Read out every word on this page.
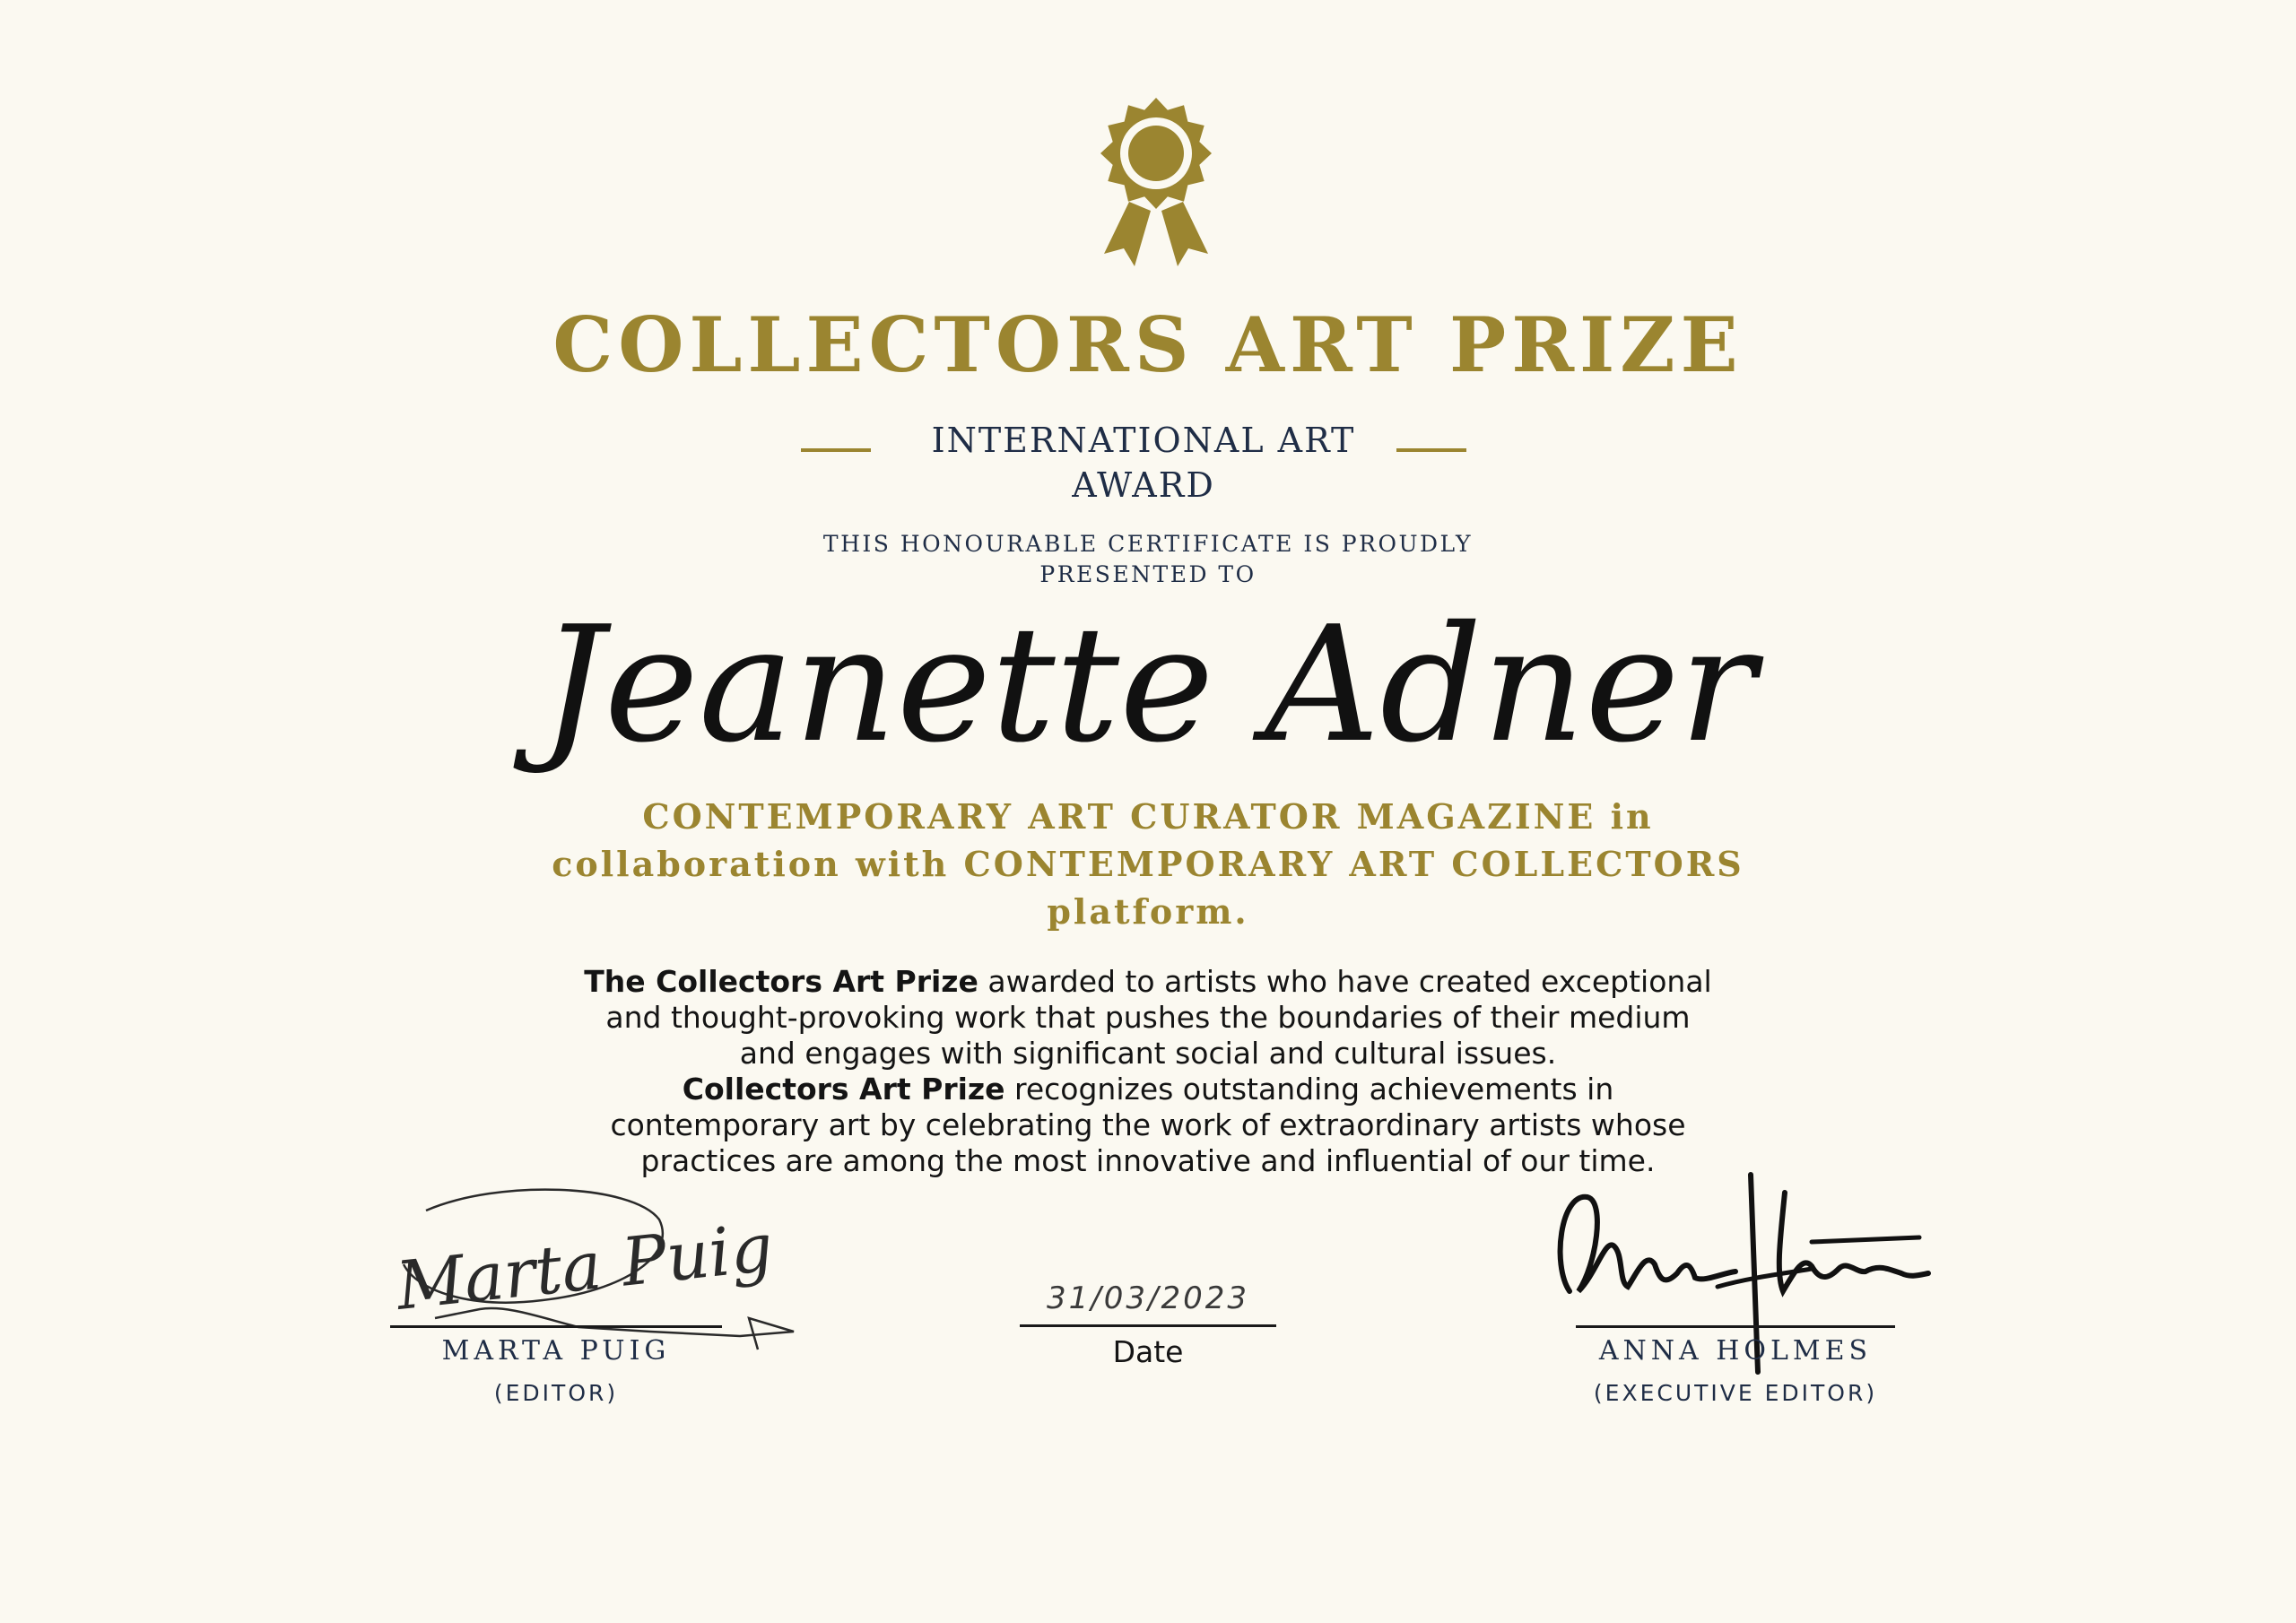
COLLECTORS ART PRIZE
INTERNATIONAL ART AWARD
THIS HONOURABLE CERTIFICATE IS PROUDLY PRESENTED TO
Jeanette Adner
CONTEMPORARY ART CURATOR MAGAZINE in collaboration with CONTEMPORARY ART COLLECTORS platform.
The Collectors Art Prize awarded to artists who have created exceptional and thought-provoking work that pushes the boundaries of their medium and engages with significant social and cultural issues.
Collectors Art Prize recognizes outstanding achievements in contemporary art by celebrating the work of extraordinary artists whose practices are among the most innovative and influential of our time.
Marta Puig
MARTA PUIG
(EDITOR)
31/03/2023
Date	ANNA HOLMES
(EXECUTIVE EDITOR)
